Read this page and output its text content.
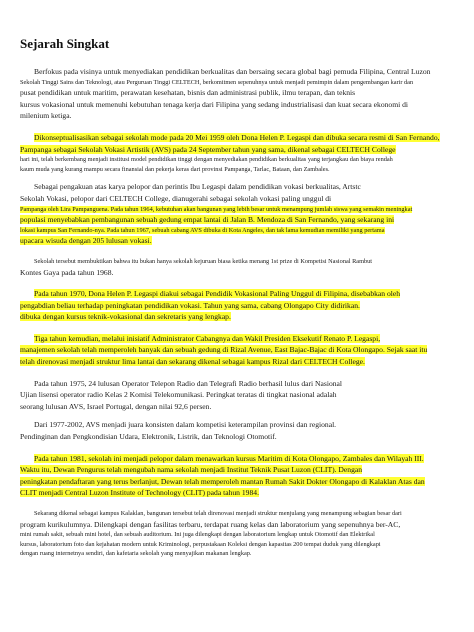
Sejarah Singkat

Berfokus pada visinya untuk menyediakan pendidikan berkualitas dan bersaing secara global bagi pemuda Filipina, Central Luzon
Sekolah Tinggi Sains dan Teknologi, atau Perguruan Tinggi CELTECH, berkomitmen sepenuhnya untuk menjadi pemimpin dalam pengembangan karir dan
pusat pendidikan untuk maritim, perawatan kesehatan, bisnis dan administrasi publik, ilmu terapan, dan teknis
kursus vokasional untuk memenuhi kebutuhan tenaga kerja dari Filipina yang sedang industrialisasi dan kuat secara ekonomi di
milenium ketiga.

Dikonseptualisasikan sebagai sekolah mode pada 20 Mei 1959 oleh Dona Helen P. Legaspi dan dibuka secara resmi di San Fernando,
Pampanga sebagai Sekolah Vokasi Artistik (AVS) pada 24 September tahun yang sama, dikenal sebagai CELTECH College
hari ini, telah berkembang menjadi institusi model pendidikan tinggi dengan menyediakan pendidikan berkualitas yang terjangkau dan biaya rendah
kaum muda yang kurang mampu secara finansial dan pekerja keras dari provinsi Pampanga, Tarlac, Bataan, dan Zambales.

Sebagai pengakuan atas karya pelopor dan perintis Ibu Legaspi dalam pendidikan vokasi berkualitas, Artstc
Sekolah Vokasi, pelopor dari CELTECH College, dianugerahi sebagai sekolah vokasi paling unggul di
Pampanga oleh Lira Pampanguena. Pada tahun 1964, kebutuhan akan bangunan yang lebih besar untuk menampung jumlah siswa yang semakin meningkat
populasi menyebabkan pembangunan sebuah gedung empat lantai di Jalan B. Mendoza di San Fernando, yang sekarang ini
lokasi kampus San Fernando-nya. Pada tahun 1967, sebuah cabang AVS dibuka di Kota Angeles, dan tak lama kemudian memiliki yang pertama
upacara wisuda dengan 205 lulusan vokasi.

Sekolah tersebut membuktikan bahwa itu bukan hanya sekolah kejuruan biasa ketika menang 1st prize di Kompetisi Nasional Rambut
Kontes Gaya pada tahun 1968.

Pada tahun 1970, Dona Helen P. Legaspi diakui sebagai Pendidik Vokasional Paling Unggul di Filipina, disebabkan oleh
pengabdian beliau terhadap peningkatan pendidikan vokasi. Tahun yang sama, cabang Olongapo City didirikan.
dibuka dengan kursus teknik-vokasional dan sekretaris yang lengkap.

Tiga tahun kemudian, melalui inisiatif Administrator Cabangnya dan Wakil Presiden Eksekutif Renato P. Legaspi,
manajemen sekolah telah memperoleh banyak dan sebuah gedung di Rizal Avenue, East Bajac-Bajac di Kota Olongapo. Sejak saat itu
telah direnovasi menjadi struktur lima lantai dan sekarang dikenal sebagai kampus Rizal dari CELTECH College.

Pada tahun 1975, 24 lulusan Operator Telepon Radio dan Telegrafi Radio berhasil lulus dari Nasional
Ujian lisensi operator radio Kelas 2 Komisi Telekomunikasi. Peringkat teratas di tingkat nasional adalah
seorang lulusan AVS, Israel Portugal, dengan nilai 92,6 persen.

Dari 1977-2002, AVS menjadi juara konsisten dalam kompetisi keterampilan provinsi dan regional.
Pendinginan dan Pengkondisian Udara, Elektronik, Listrik, dan Teknologi Otomotif.

Pada tahun 1981, sekolah ini menjadi pelopor dalam menawarkan kursus Maritim di Kota Olongapo, Zambales dan Wilayah III.
Waktu itu, Dewan Pengurus telah mengubah nama sekolah menjadi Institut Teknik Pusat Luzon (CLIT). Dengan
peningkatan pendaftaran yang terus berlanjut, Dewan telah memperoleh mantan Rumah Sakit Dokter Olongapo di Kalaklan Atas dan
CLIT menjadi Central Luzon Institute of Technology (CLIT) pada tahun 1984.

Sekarang dikenal sebagai kampus Kalaklan, bangunan tersebut telah direnovasi menjadi struktur menjulang yang menampung sebagian besar dari
program kurikulumnya. Dilengkapi dengan fasilitas terbaru, terdapat ruang kelas dan laboratorium yang sepenuhnya ber-AC,
mini rumah sakit, sebuah mini hotel, dan sebuah auditorium. Ini juga dilengkapi dengan laboratorium lengkap untuk Otomotif dan Elektrikal
kursus, laboratorium foto dan kejahatan modern untuk Kriminologi, perpustakaan Koleksi dengan kapasitas 200 tempat duduk yang dilengkapi
dengan ruang internetnya sendiri, dan kafetaria sekolah yang menyajikan makanan lengkap.
